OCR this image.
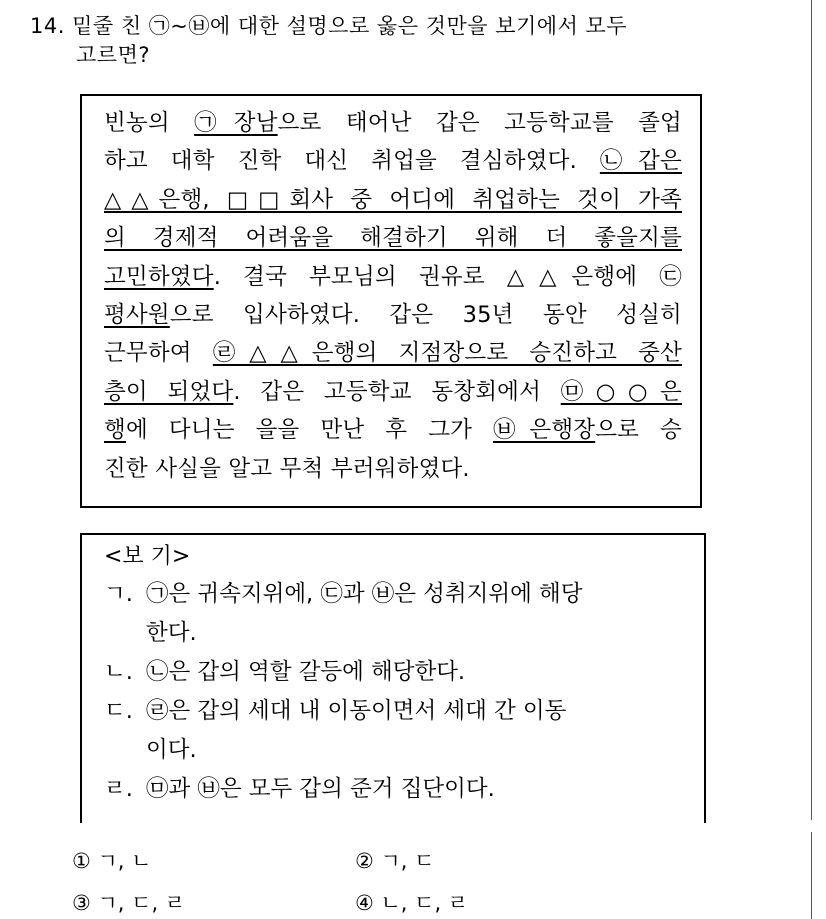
14. 밑줄 친 ㉠~㉥에 대한 설명으로 옳은 것만을 보기에서 모두
고르면?
빈농의 ㉠장남으로 태어난 갑은 고등학교를 졸업
하고 대학 진학 대신 취업을 결심하였다. ㉡갑은
△△은행, □□회사 중 어디에 취업하는 것이 가족
의 경제적 어려움을 해결하기 위해 더 좋을지를
고민하였다. 결국 부모님의 권유로 △△은행에 ㉢
평사원으로 입사하였다. 갑은 35년 동안 성실히
근무하여 ㉣△△은행의 지점장으로 승진하고 중산
층이 되었다. 갑은 고등학교 동창회에서 ㉤○○은
행에 다니는 을을 만난 후 그가 ㉥은행장으로 승
진한 사실을 알고 무척 부러워하였다.
<보 기>
ㄱ. ㉠은 귀속지위에, ㉢과 ㉥은 성취지위에 해당
한다.
ㄴ. ㉡은 갑의 역할 갈등에 해당한다.
ㄷ. ㉣은 갑의 세대 내 이동이면서 세대 간 이동
이다.
ㄹ. ㉤과 ㉥은 모두 갑의 준거 집단이다.
① ㄱ, ㄴ	② ㄱ, ㄷ
③ ㄱ, ㄷ, ㄹ	④ ㄴ, ㄷ, ㄹ
